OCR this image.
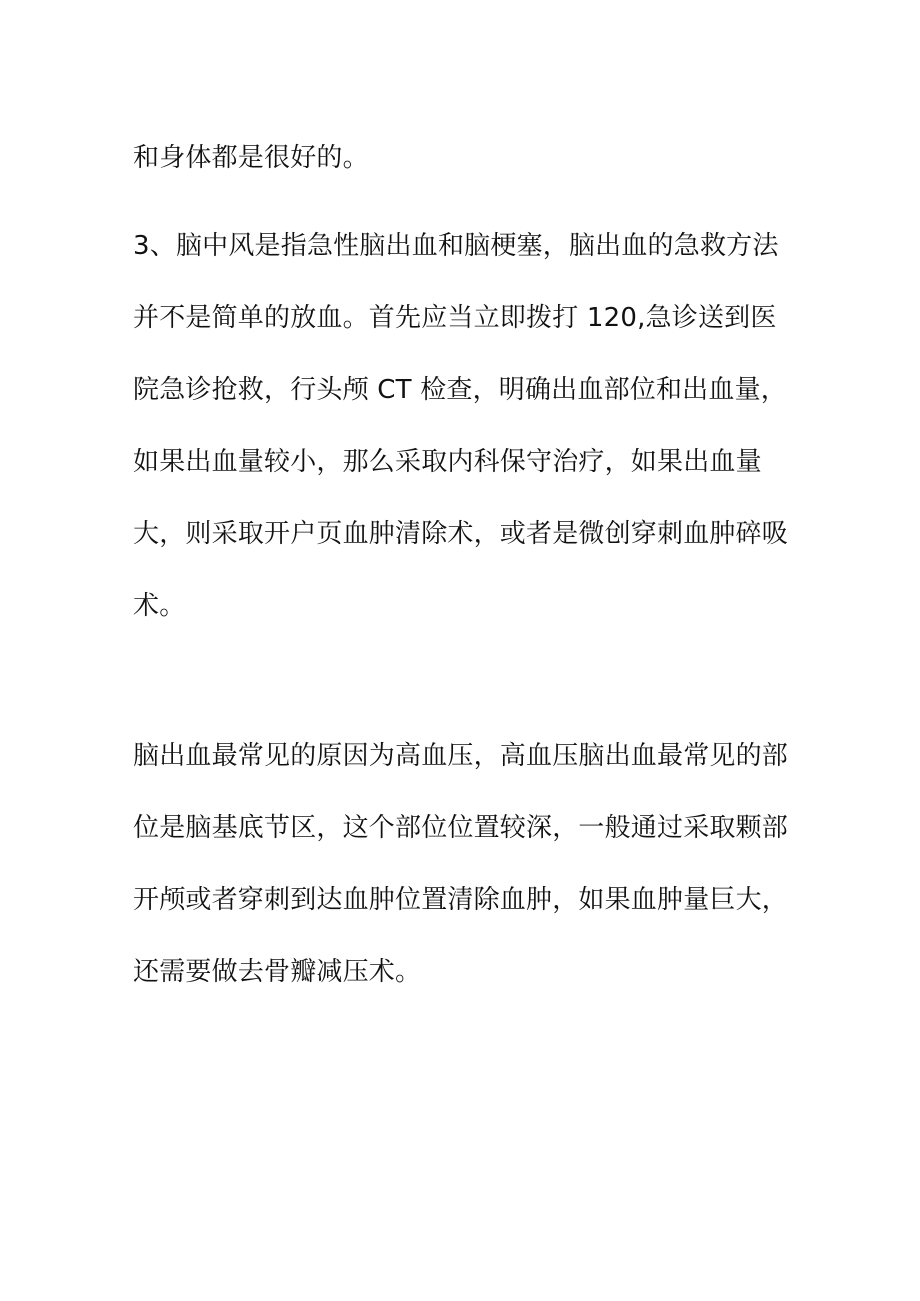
和身体都是很好的。
3、脑中风是指急性脑出血和脑梗塞，脑出血的急救方法
并不是简单的放血。首先应当立即拨打 120,急诊送到医
院急诊抢救，行头颅 CT 检查，明确出血部位和出血量，
如果出血量较小，那么采取内科保守治疗，如果出血量
大，则采取开户页血肿清除术，或者是微创穿刺血肿碎吸
术。
脑出血最常见的原因为高血压，高血压脑出血最常见的部
位是脑基底节区，这个部位位置较深，一般通过采取颗部
开颅或者穿刺到达血肿位置清除血肿，如果血肿量巨大，
还需要做去骨瓣减压术。
